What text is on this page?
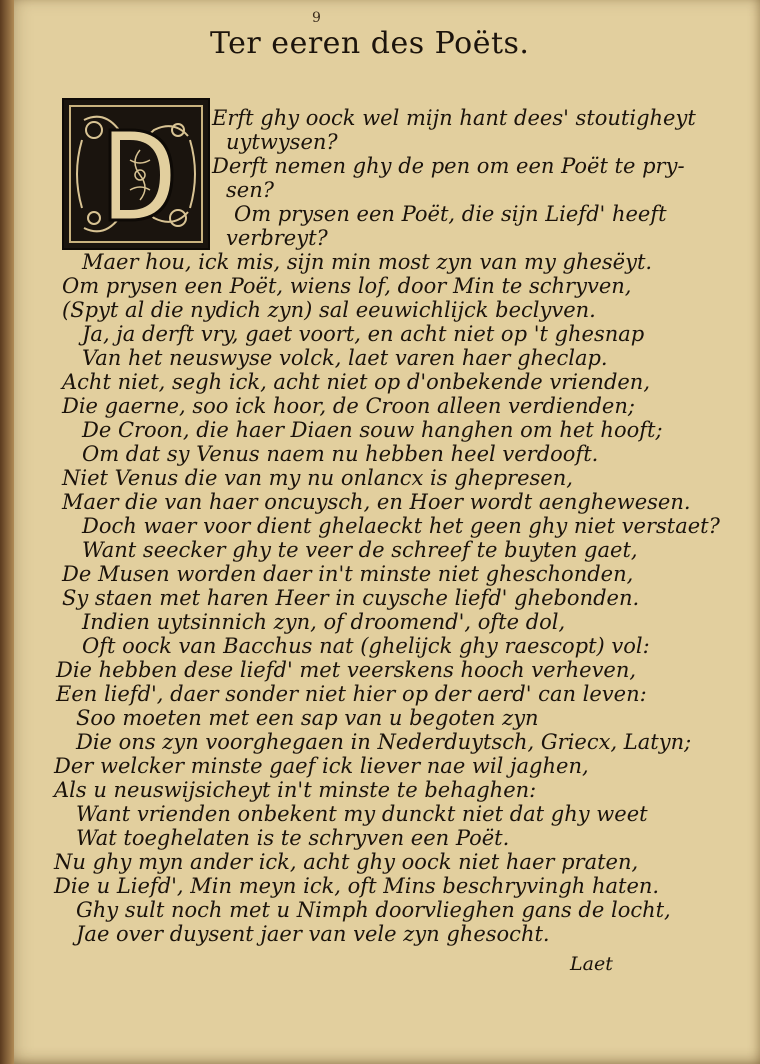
9
Ter eeren des Poëts.
Erft ghy oock wel mijn hant dees' stoutigheyt
uytwysen?
Derft nemen ghy de pen om een Poët te pry-
sen?
Om prysen een Poët, die sijn Liefd' heeft
verbreyt?
Maer hou, ick mis, sijn min most zyn van my ghesëyt.
Om prysen een Poët, wiens lof, door Min te schryven,
(Spyt al die nydich zyn) sal eeuwichlijck beclyven.
Ja, ja derft vry, gaet voort, en acht niet op 't ghesnap
Van het neuswyse volck, laet varen haer gheclap.
Acht niet, segh ick, acht niet op d'onbekende vrienden,
Die gaerne, soo ick hoor, de Croon alleen verdienden;
De Croon, die haer Diaen souw hanghen om het hooft;
Om dat sy Venus naem nu hebben heel verdooft.
Niet Venus die van my nu onlancx is ghepresen,
Maer die van haer oncuysch, en Hoer wordt aenghewesen.
Doch waer voor dient ghelaeckt het geen ghy niet verstaet?
Want seecker ghy te veer de schreef te buyten gaet,
De Musen worden daer in't minste niet gheschonden,
Sy staen met haren Heer in cuysche liefd' ghebonden.
Indien uytsinnich zyn, of droomend', ofte dol,
Oft oock van Bacchus nat (ghelijck ghy raescopt) vol:
Die hebben dese liefd' met veerskens hooch verheven,
Een liefd', daer sonder niet hier op der aerd' can leven:
Soo moeten met een sap van u begoten zyn
Die ons zyn voorghegaen in Nederduytsch, Griecx, Latyn;
Der welcker minste gaef ick liever nae wil jaghen,
Als u neuswijsicheyt in't minste te behaghen:
Want vrienden onbekent my dunckt niet dat ghy weet
Wat toeghelaten is te schryven een Poët.
Nu ghy myn ander ick, acht ghy oock niet haer praten,
Die u Liefd', Min meyn ick, oft Mins beschryvingh haten.
Ghy sult noch met u Nimph doorvlieghen gans de locht,
Jae over duysent jaer van vele zyn ghesocht.
Laet
